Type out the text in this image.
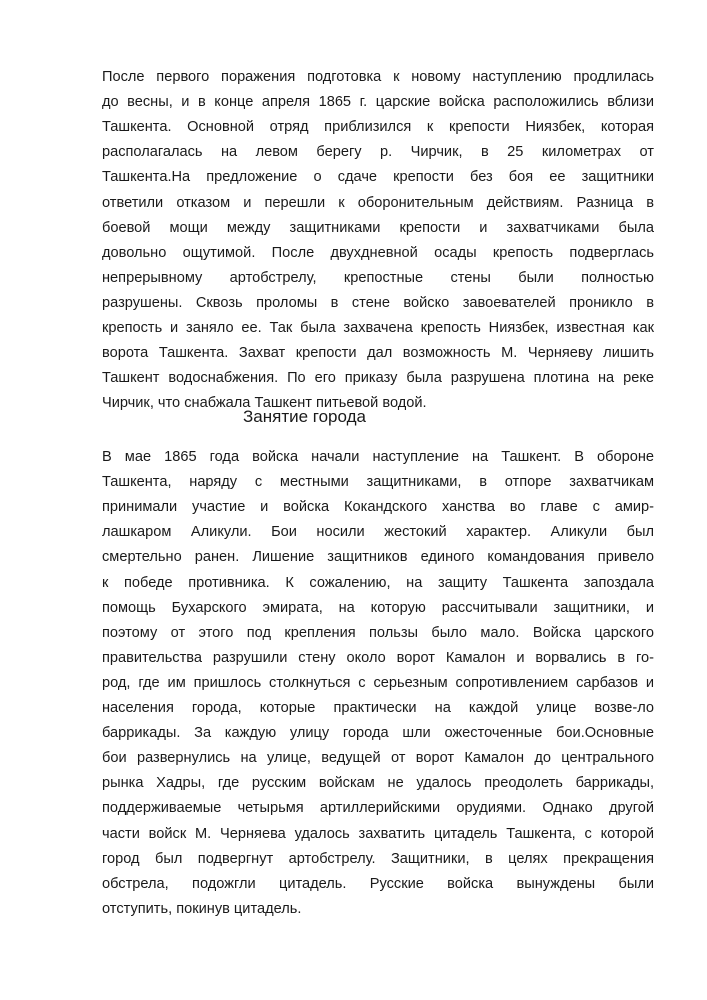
После первого поражения подготовка к новому наступлению продлилась
до весны, и в конце апреля 1865 г. царские войска расположились вблизи
Ташкента. Основной отряд приблизился к крепости Ниязбек, которая
располагалась на левом берегу р. Чирчик, в 25 километрах от
Ташкента.На предложение о сдаче крепости без боя ее защитники
ответили отказом и перешли к оборонительным действиям. Разница в
боевой мощи между защитниками крепости и захватчиками была
довольно ощутимой. После двухдневной осады крепость подверглась
непрерывному артобстрелу, крепостные стены были полностью
разрушены. Сквозь проломы в стене войско завоевателей проникло в
крепость и заняло ее. Так была захвачена крепость Ниязбек, известная как
ворота Ташкента. Захват крепости дал возможность М. Черняеву лишить
Ташкент водоснабжения. По его приказу была разрушена плотина на реке
Чирчик, что снабжала Ташкент питьевой водой.
Занятие города
В мае 1865 года войска начали наступление на Ташкент. В обороне
Ташкента, наряду с местными защитниками, в отпоре захватчикам
принимали участие и войска Кокандского ханства во главе с амир-
лашкаром Аликули. Бои носили жестокий характер. Аликули был
смертельно ранен. Лишение защитников единого командования привело
к победе противника. К сожалению, на защиту Ташкента запоздала
помощь Бухарского эмирата, на которую рассчитывали защитники, и
поэтому от этого под крепления пользы было мало. Войска царского
правительства разрушили стену около ворот Камалон и ворвались в го-
род, где им пришлось столкнуться с серьезным сопротивлением сарбазов и
населения города, которые практически на каждой улице возве-ло
баррикады. За каждую улицу города шли ожесточенные бои.Основные
бои развернулись на улице, ведущей от ворот Камалон до центрального
рынка Хадры, где русским войскам не удалось преодолеть баррикады,
поддерживаемые четырьмя артиллерийскими орудиями. Однако другой
части войск М. Черняева удалось захватить цитадель Ташкента, с которой
город был подвергнут артобстрелу. Защитники, в целях прекращения
обстрела, подожгли цитадель. Русские войска вынуждены были
отступить, покинув цитадель.
